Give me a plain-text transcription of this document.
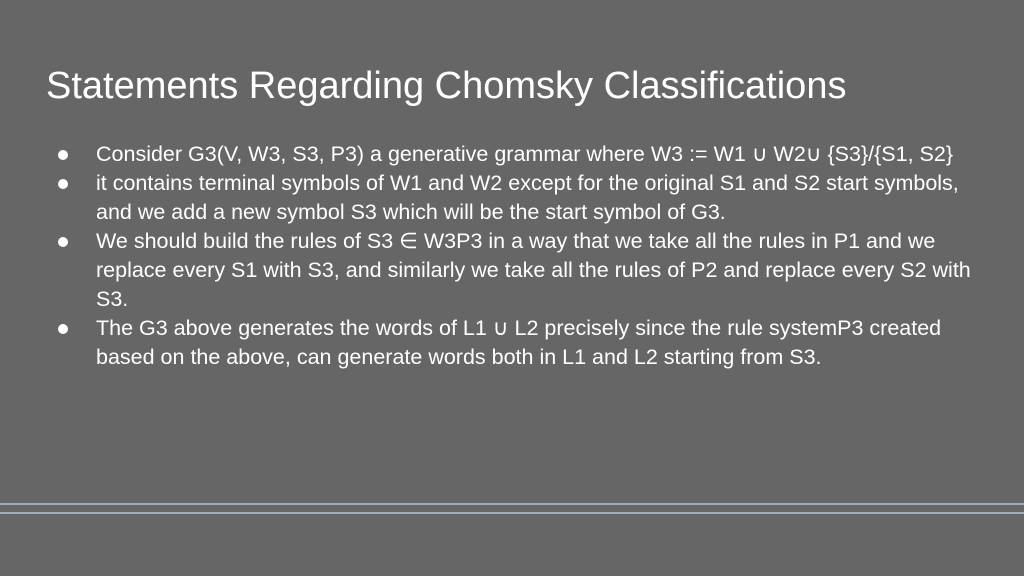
Statements Regarding Chomsky Classifications
Consider G3(V, W3, S3, P3) a generative grammar where W3 := W1 ∪ W2∪ {S3}/{S1, S2}
it contains terminal symbols of W1 and W2 except for the original S1 and S2 start symbols, and we add a new symbol S3 which will be the start symbol of G3.
We should build the rules of S3 ∈ W3P3 in a way that we take all the rules in P1 and we replace every S1 with S3, and similarly we take all the rules of P2 and replace every S2 with S3.
The G3 above generates the words of L1 ∪ L2 precisely since the rule systemP3 created based on the above, can generate words both in L1 and L2 starting from S3.
